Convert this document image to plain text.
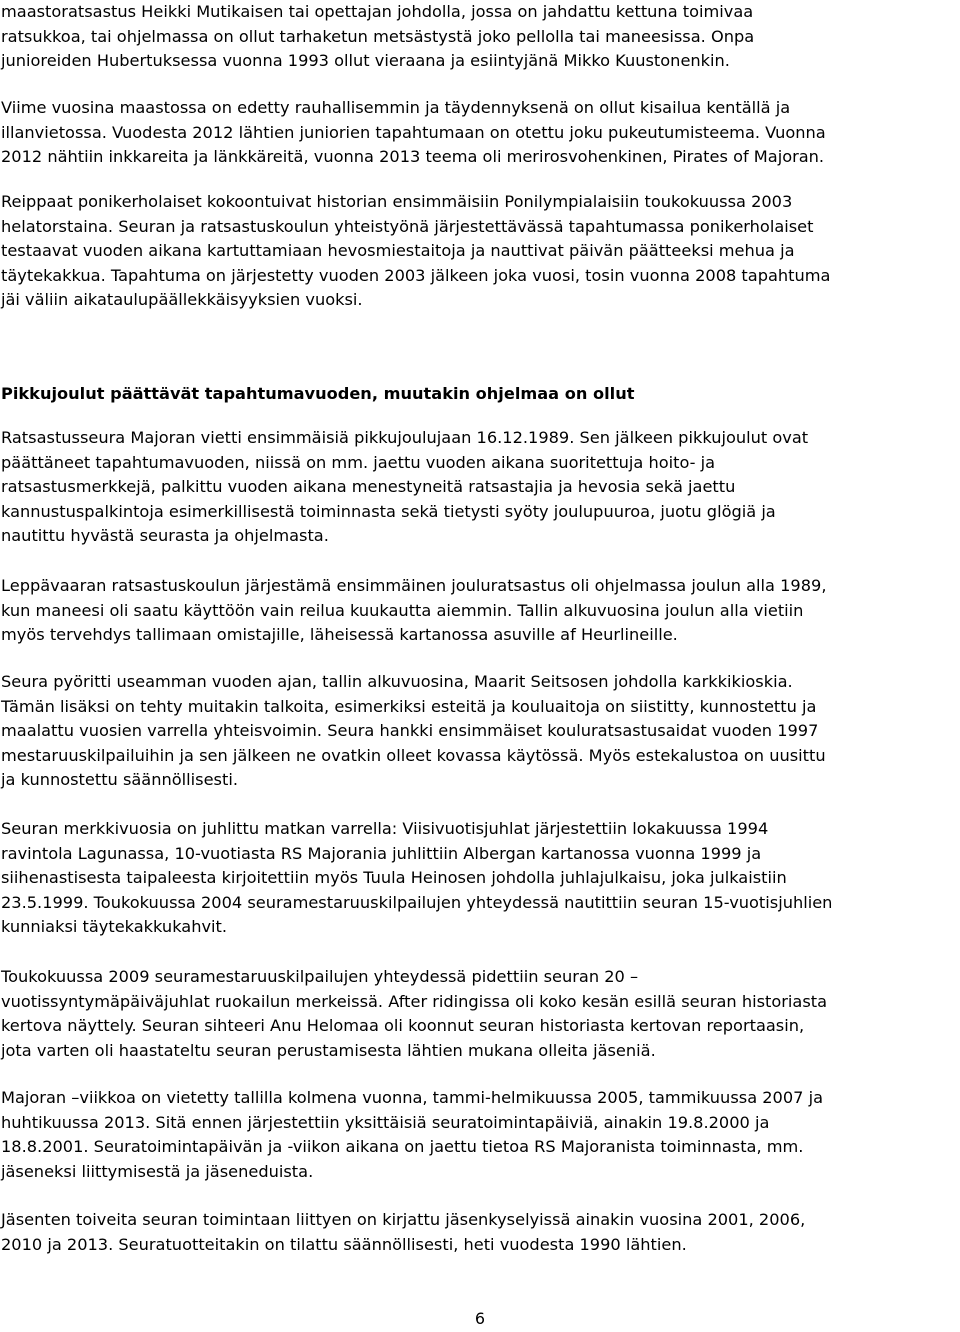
maastoratsastus Heikki Mutikaisen tai opettajan johdolla, jossa on jahdattu kettuna toimivaa
ratsukkoa, tai ohjelmassa on ollut tarhaketun metsästystä joko pellolla tai maneesissa. Onpa
junioreiden Hubertuksessa vuonna 1993 ollut vieraana ja esiintyjänä Mikko Kuustonenkin.

Viime vuosina maastossa on edetty rauhallisemmin ja täydennyksenä on ollut kisailua kentällä ja
illanvietossa. Vuodesta 2012 lähtien juniorien tapahtumaan on otettu joku pukeutumisteema. Vuonna
2012 nähtiin inkkareita ja länkkäreitä, vuonna 2013 teema oli merirosvohenkinen, Pirates of Majoran.

Reippaat ponikerholaiset kokoontuivat historian ensimmäisiin Ponilympialaisiin toukokuussa 2003
helatorstaina. Seuran ja ratsastuskoulun yhteistyönä järjestettävässä tapahtumassa ponikerholaiset
testaavat vuoden aikana kartuttamiaan hevosmiestaitoja ja nauttivat päivän päätteeksi mehua ja
täytekakkua. Tapahtuma on järjestetty vuoden 2003 jälkeen joka vuosi, tosin vuonna 2008 tapahtuma
jäi väliin aikataulupäällekkäisyyksien vuoksi.

Pikkujoulut päättävät tapahtumavuoden, muutakin ohjelmaa on ollut

Ratsastusseura Majoran vietti ensimmäisiä pikkujoulujaan 16.12.1989. Sen jälkeen pikkujoulut ovat
päättäneet tapahtumavuoden, niissä on mm. jaettu vuoden aikana suoritettuja hoito- ja
ratsastusmerkkejä, palkittu vuoden aikana menestyneitä ratsastajia ja hevosia sekä jaettu
kannustuspalkintoja esimerkillisestä toiminnasta sekä tietysti syöty joulupuuroa, juotu glögiä ja
nautittu hyvästä seurasta ja ohjelmasta.

Leppävaaran ratsastuskoulun järjestämä ensimmäinen jouluratsastus oli ohjelmassa joulun alla 1989,
kun maneesi oli saatu käyttöön vain reilua kuukautta aiemmin. Tallin alkuvuosina joulun alla vietiin
myös tervehdys tallimaan omistajille, läheisessä kartanossa asuville af Heurlineille.

Seura pyöritti useamman vuoden ajan, tallin alkuvuosina, Maarit Seitsosen johdolla karkkikioskia.
Tämän lisäksi on tehty muitakin talkoita, esimerkiksi esteitä ja kouluaitoja on siistitty, kunnostettu ja
maalattu vuosien varrella yhteisvoimin. Seura hankki ensimmäiset kouluratsastusaidat vuoden 1997
mestaruuskilpailuihin ja sen jälkeen ne ovatkin olleet kovassa käytössä. Myös estekalustoa on uusittu
ja kunnostettu säännöllisesti.

Seuran merkkivuosia on juhlittu matkan varrella: Viisivuotisjuhlat järjestettiin lokakuussa 1994
ravintola Lagunassa, 10-vuotiasta RS Majorania juhlittiin Albergan kartanossa vuonna 1999 ja
siihenastisesta taipaleesta kirjoitettiin myös Tuula Heinosen johdolla juhlajulkaisu, joka julkaistiin
23.5.1999. Toukokuussa 2004 seuramestaruuskilpailujen yhteydessä nautittiin seuran 15-vuotisjuhlien
kunniaksi täytekakkukahvit.

Toukokuussa 2009 seuramestaruuskilpailujen yhteydessä pidettiin seuran 20 –
vuotissyntymäpäiväjuhlat ruokailun merkeissä. After ridingissa oli koko kesän esillä seuran historiasta
kertova näyttely. Seuran sihteeri Anu Helomaa oli koonnut seuran historiasta kertovan reportaasin,
jota varten oli haastateltu seuran perustamisesta lähtien mukana olleita jäseniä.

Majoran –viikkoa on vietetty tallilla kolmena vuonna, tammi-helmikuussa 2005, tammikuussa 2007 ja
huhtikuussa 2013. Sitä ennen järjestettiin yksittäisiä seuratoimintapäiviä, ainakin 19.8.2000 ja
18.8.2001. Seuratoimintapäivän ja -viikon aikana on jaettu tietoa RS Majoranista toiminnasta, mm.
jäseneksi liittymisestä ja jäseneduista.

Jäsenten toiveita seuran toimintaan liittyen on kirjattu jäsenkyselyissä ainakin vuosina 2001, 2006,
2010 ja 2013. Seuratuotteitakin on tilattu säännöllisesti, heti vuodesta 1990 lähtien.

6
